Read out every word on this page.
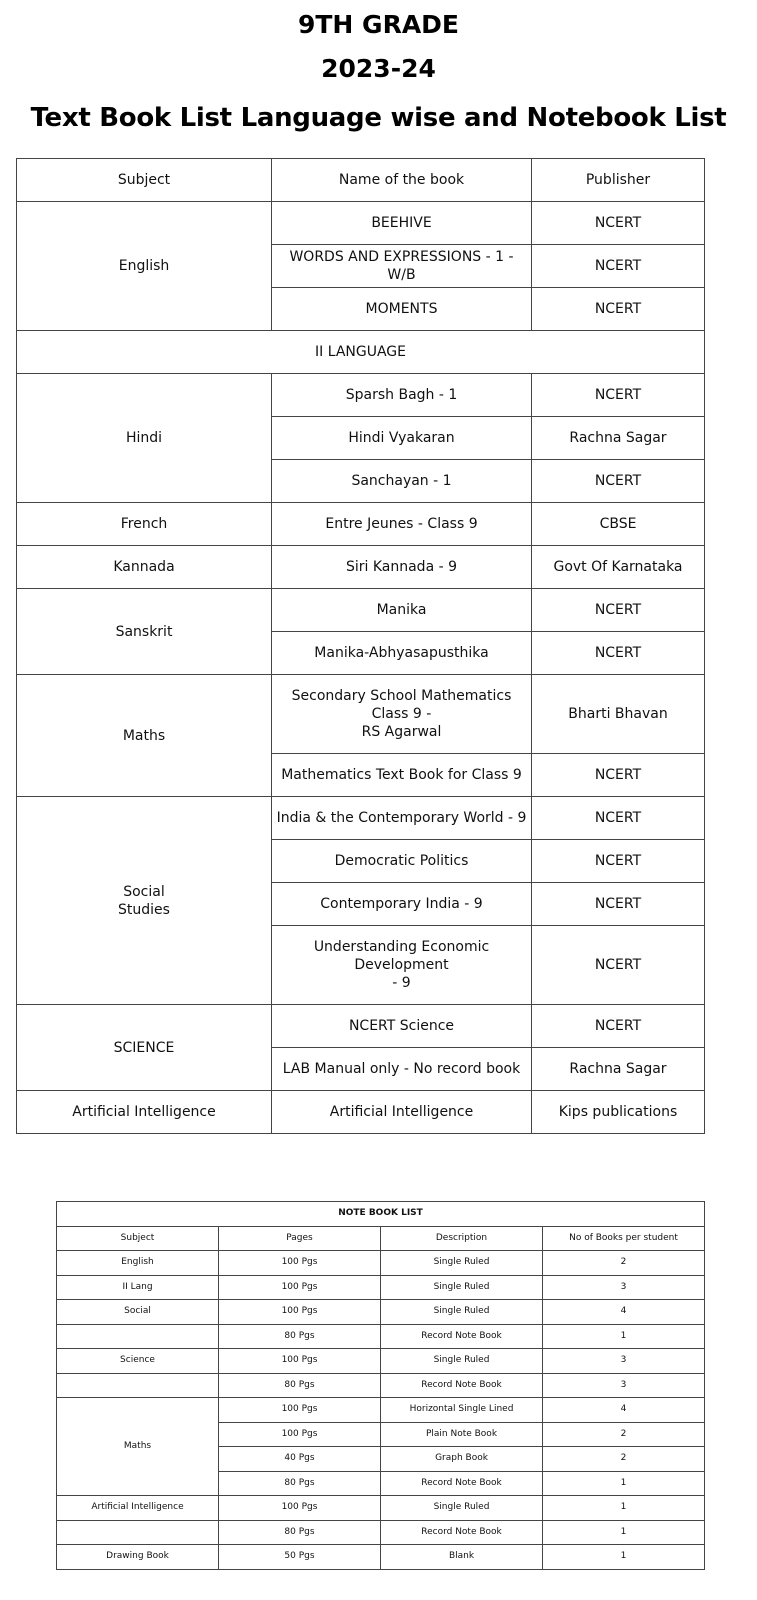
9TH GRADE
2023-24
Text Book List Language wise and Notebook List
Subject	Name of the book	Publisher
English	BEEHIVE	NCERT
	WORDS AND EXPRESSIONS - 1 - W/B	NCERT
	MOMENTS	NCERT
II LANGUAGE		
Hindi	Sparsh Bagh - 1	NCERT
	Hindi Vyakaran	Rachna Sagar
	Sanchayan - 1	NCERT
French	Entre Jeunes - Class 9	CBSE
Kannada	Siri Kannada - 9	Govt Of Karnataka
Sanskrit	Manika	NCERT
	Manika-Abhyasapusthika	NCERT
Maths	Secondary School Mathematics
Class 9 -
RS Agarwal	Bharti Bhavan
	Mathematics Text Book for Class 9	NCERT

Social
Studies	India & the Contemporary World - 9	NCERT
	Democratic Politics	NCERT
	Contemporary India - 9	NCERT

	Understanding Economic
Development
- 9	NCERT
SCIENCE	NCERT Science	NCERT
	LAB Manual only - No record book	Rachna Sagar
Artificial Intelligence	Artificial Intelligence	Kips publications
NOTE BOOK LIST			
Subject	Pages	Description	No of Books per student
English	100 Pgs	Single Ruled	2
II Lang	100 Pgs	Single Ruled	3
Social	100 Pgs	Single Ruled	4
	80 Pgs	Record Note Book	1
Science	100 Pgs	Single Ruled	3
	80 Pgs	Record Note Book	3
Maths	100 Pgs	Horizontal Single Lined	4
	100 Pgs	Plain Note Book	2
	40 Pgs	Graph Book	2
	80 Pgs	Record Note Book	1
Artificial Intelligence	100 Pgs	Single Ruled	1
	80 Pgs	Record Note Book	1
Drawing Book	50 Pgs	Blank	1
